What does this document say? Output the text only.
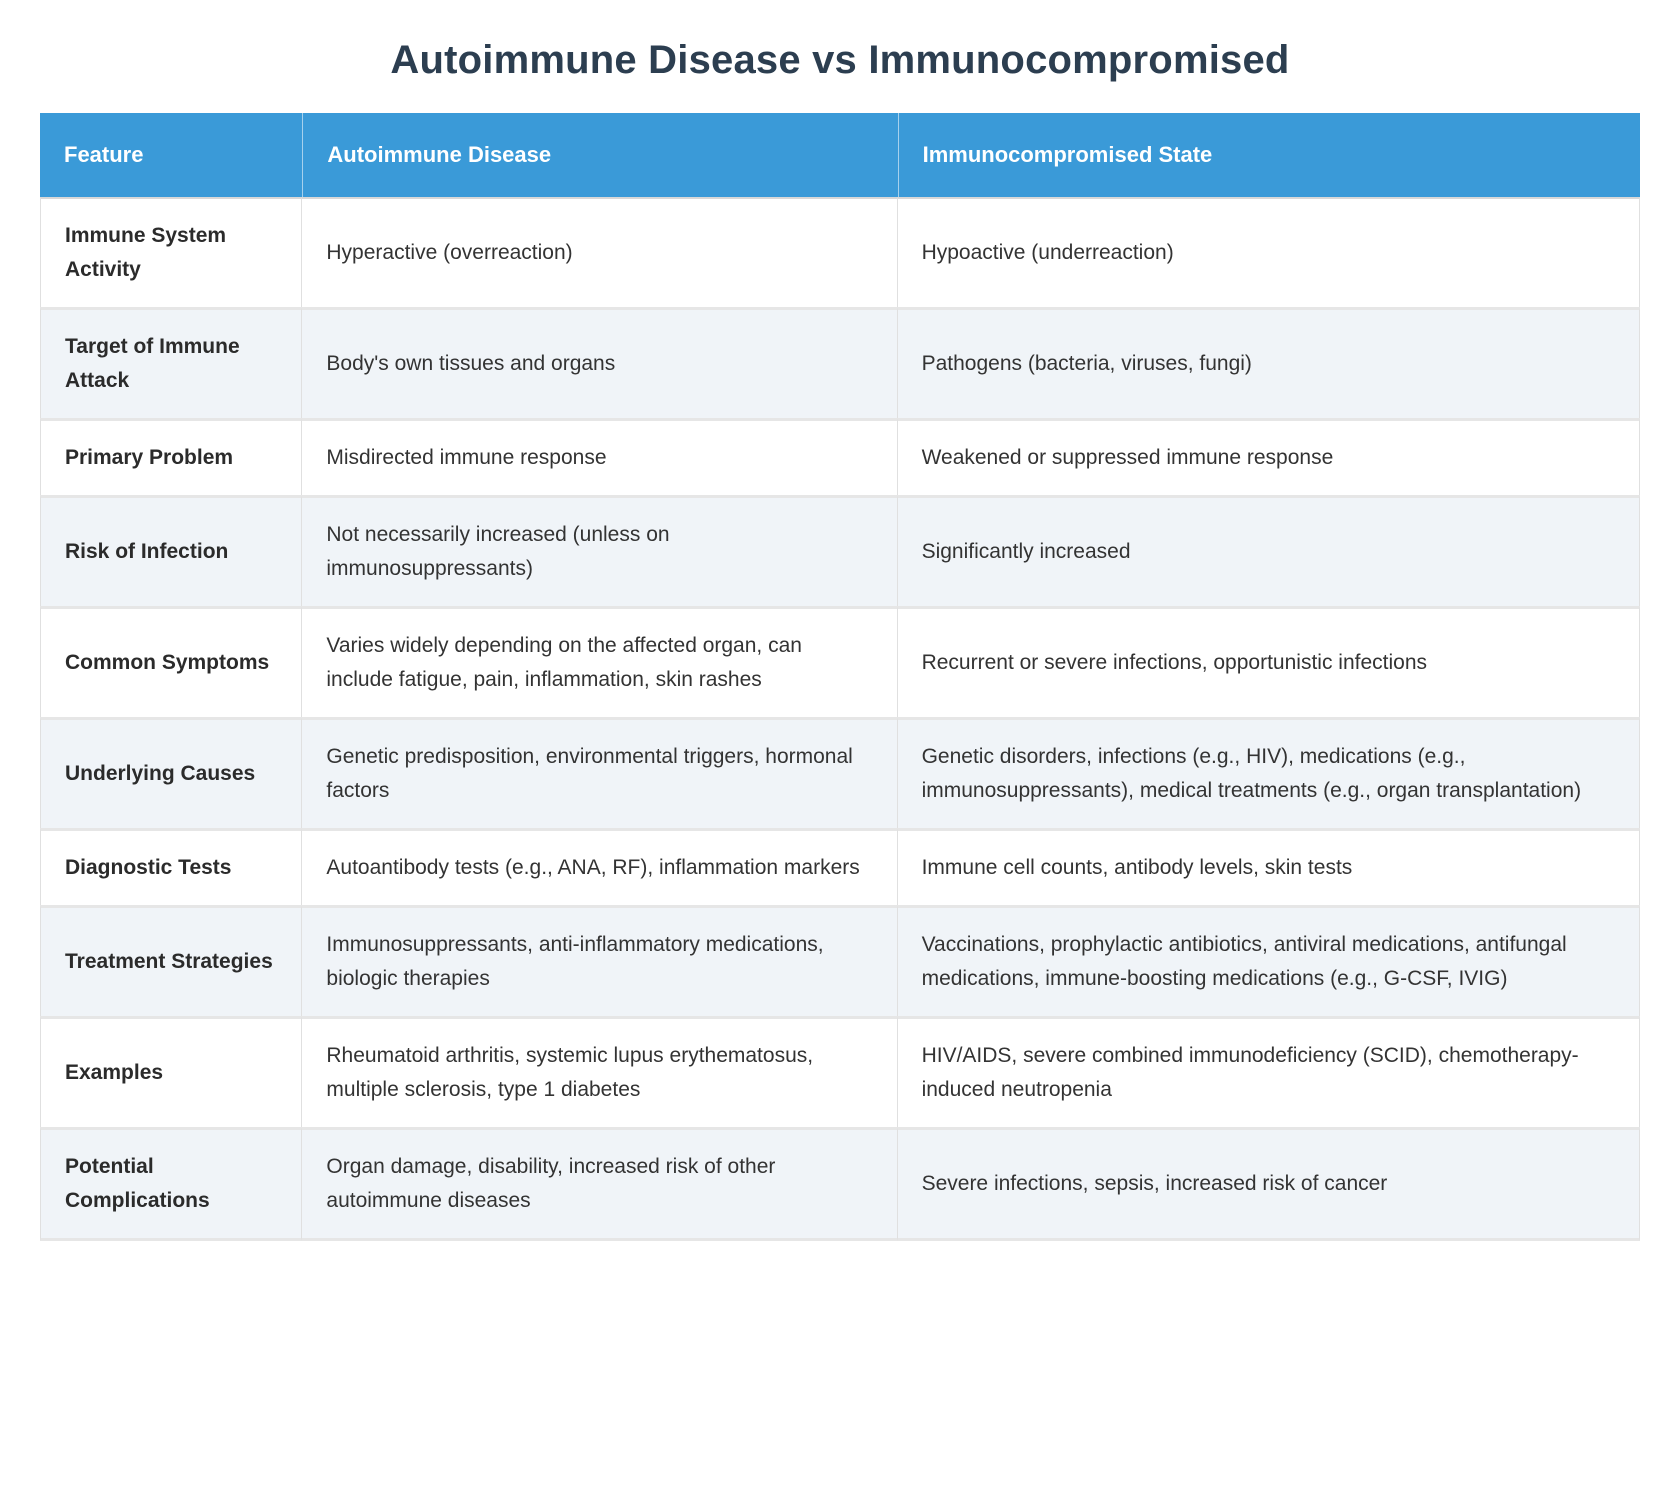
Autoimmune Disease vs Immunocompromised
Feature	Autoimmune Disease	Immunocompromised State
Immune System Activity	Hyperactive (overreaction)	Hypoactive (underreaction)
Target of Immune Attack	Body's own tissues and organs	Pathogens (bacteria, viruses, fungi)
Primary Problem	Misdirected immune response	Weakened or suppressed immune response
Risk of Infection	Not necessarily increased (unless on immunosuppressants)	Significantly increased
Common Symptoms	Varies widely depending on the affected organ, can include fatigue, pain, inflammation, skin rashes	Recurrent or severe infections, opportunistic infections
Underlying Causes	Genetic predisposition, environmental triggers, hormonal factors	Genetic disorders, infections (e.g., HIV), medications (e.g., immunosuppressants), medical treatments (e.g., organ transplantation)
Diagnostic Tests	Autoantibody tests (e.g., ANA, RF), inflammation markers	Immune cell counts, antibody levels, skin tests
Treatment Strategies	Immunosuppressants, anti-inflammatory medications, biologic therapies	Vaccinations, prophylactic antibiotics, antiviral medications, antifungal medications, immune-boosting medications (e.g., G-CSF, IVIG)
Examples	Rheumatoid arthritis, systemic lupus erythematosus, multiple sclerosis, type 1 diabetes	HIV/AIDS, severe combined immunodeficiency (SCID), chemotherapy-induced neutropenia
Potential Complications	Organ damage, disability, increased risk of other autoimmune diseases	Severe infections, sepsis, increased risk of cancer
